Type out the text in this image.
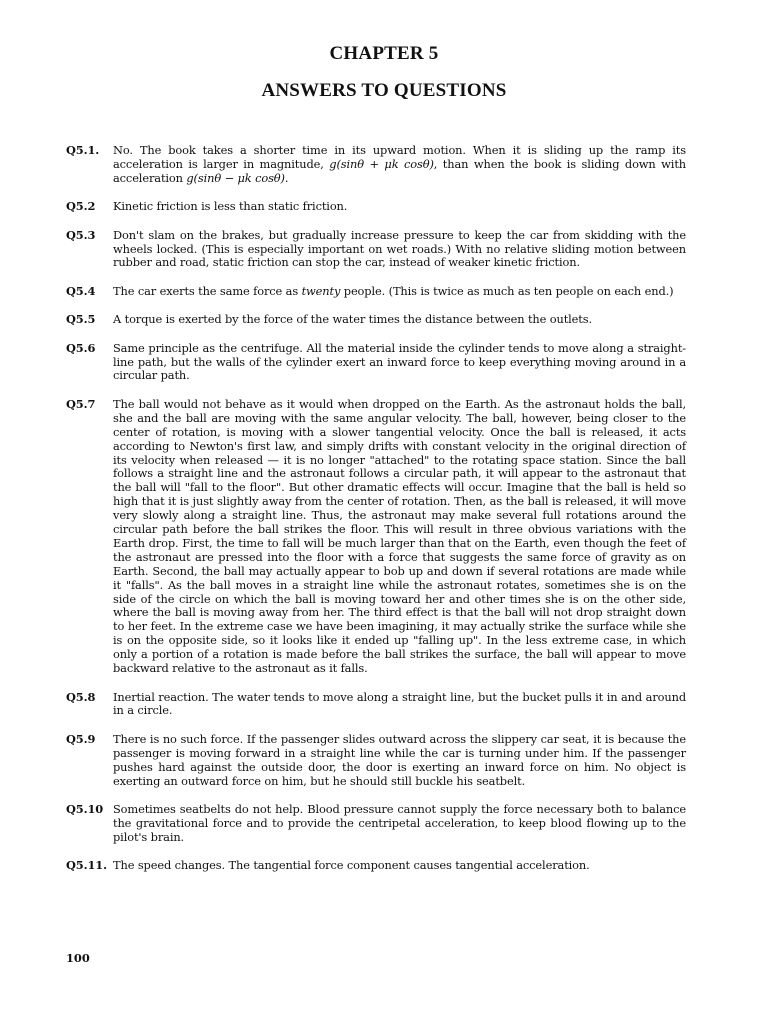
CHAPTER 5
ANSWERS TO QUESTIONS
Q5.1.	No. The book takes a shorter time in its upward motion. When it is sliding up the ramp its acceleration is larger in magnitude, g(sinθ + μk cosθ), than when the book is sliding down with acceleration g(sinθ − μk cosθ).
Q5.2	Kinetic friction is less than static friction.
Q5.3	Don't slam on the brakes, but gradually increase pressure to keep the car from skidding with the wheels locked. (This is especially important on wet roads.) With no relative sliding motion between rubber and road, static friction can stop the car, instead of weaker kinetic friction.
Q5.4	The car exerts the same force as twenty people. (This is twice as much as ten people on each end.)
Q5.5	A torque is exerted by the force of the water times the distance between the outlets.
Q5.6	Same principle as the centrifuge. All the material inside the cylinder tends to move along a straight-line path, but the walls of the cylinder exert an inward force to keep everything moving around in a circular path.
Q5.7	The ball would not behave as it would when dropped on the Earth. As the astronaut holds the ball, she and the ball are moving with the same angular velocity. The ball, however, being closer to the center of rotation, is moving with a slower tangential velocity. Once the ball is released, it acts according to Newton's first law, and simply drifts with constant velocity in the original direction of its velocity when released — it is no longer "attached" to the rotating space station. Since the ball follows a straight line and the astronaut follows a circular path, it will appear to the astronaut that the ball will "fall to the floor". But other dramatic effects will occur. Imagine that the ball is held so high that it is just slightly away from the center of rotation. Then, as the ball is released, it will move very slowly along a straight line. Thus, the astronaut may make several full rotations around the circular path before the ball strikes the floor. This will result in three obvious variations with the Earth drop. First, the time to fall will be much larger than that on the Earth, even though the feet of the astronaut are pressed into the floor with a force that suggests the same force of gravity as on Earth. Second, the ball may actually appear to bob up and down if several rotations are made while it "falls". As the ball moves in a straight line while the astronaut rotates, sometimes she is on the side of the circle on which the ball is moving toward her and other times she is on the other side, where the ball is moving away from her. The third effect is that the ball will not drop straight down to her feet. In the extreme case we have been imagining, it may actually strike the surface while she is on the opposite side, so it looks like it ended up "falling up". In the less extreme case, in which only a portion of a rotation is made before the ball strikes the surface, the ball will appear to move backward relative to the astronaut as it falls.
Q5.8	Inertial reaction. The water tends to move along a straight line, but the bucket pulls it in and around in a circle.
Q5.9	There is no such force. If the passenger slides outward across the slippery car seat, it is because the passenger is moving forward in a straight line while the car is turning under him. If the passenger pushes hard against the outside door, the door is exerting an inward force on him. No object is exerting an outward force on him, but he should still buckle his seatbelt.
Q5.10 Sometimes seatbelts do not help. Blood pressure cannot supply the force necessary both to balance the gravitational force and to provide the centripetal acceleration, to keep blood flowing up to the pilot's brain.
Q5.11. The speed changes. The tangential force component causes tangential acceleration.
100
